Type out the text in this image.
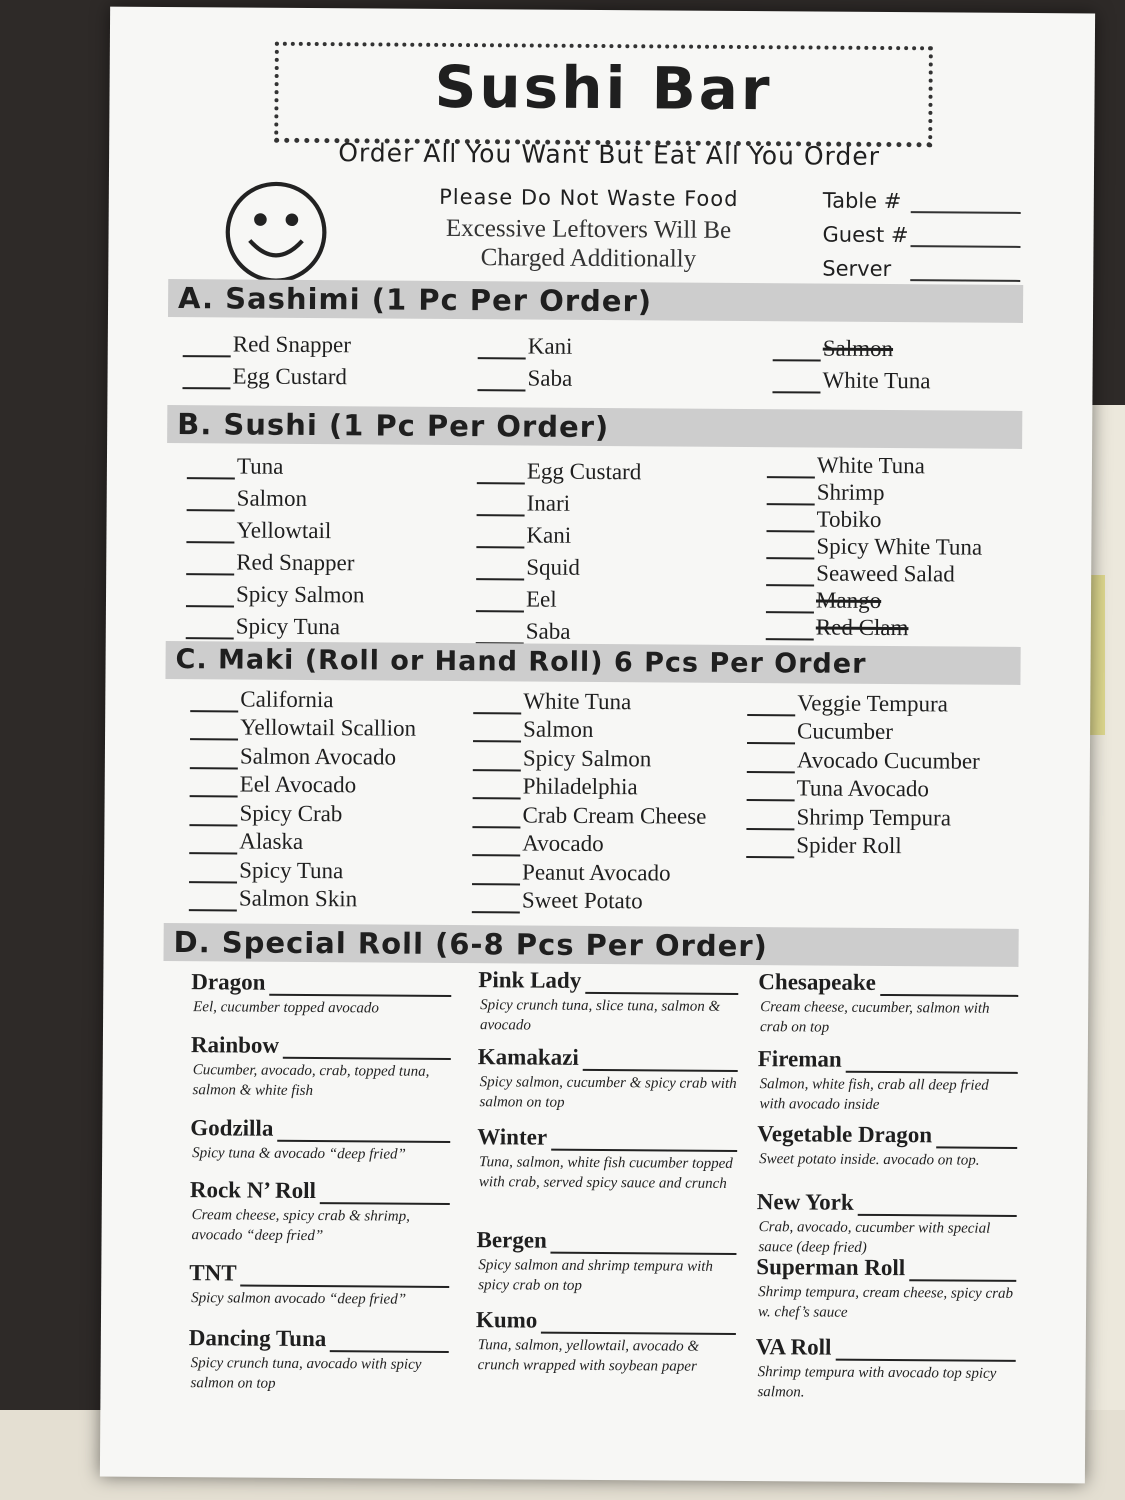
Sushi Bar
Order All You Want But Eat All You Order
Please Do Not Waste Food
Excessive Leftovers Will Be
Charged Additionally
Table #
Guest #
Server
A. Sashimi (1 Pc Per Order)
Red Snapper
Egg Custard
Kani
Saba
Salmon
White Tuna
B. Sushi (1 Pc Per Order)
Tuna
Salmon
Yellowtail
Red Snapper
Spicy Salmon
Spicy Tuna
Egg Custard
Inari
Kani
Squid
Eel
Saba
White Tuna
Shrimp
Tobiko
Spicy White Tuna
Seaweed Salad
Mango
Red Clam
C. Maki (Roll or Hand Roll) 6 Pcs Per Order
California
Yellowtail Scallion
Salmon Avocado
Eel Avocado
Spicy Crab
Alaska
Spicy Tuna
Salmon Skin
White Tuna
Salmon
Spicy Salmon
Philadelphia
Crab Cream Cheese
Avocado
Peanut Avocado
Sweet Potato
Veggie Tempura
Cucumber
Avocado Cucumber
Tuna Avocado
Shrimp Tempura
Spider Roll
D. Special Roll (6-8 Pcs Per Order)
Dragon
Eel, cucumber topped avocado
Rainbow
Cucumber, avocado, crab, topped tuna, salmon & white fish
Godzilla
Spicy tuna & avocado “deep fried”
Rock N’ Roll
Cream cheese, spicy crab & shrimp, avocado “deep fried”
TNT
Spicy salmon avocado “deep fried”
Dancing Tuna
Spicy crunch tuna, avocado with spicy salmon on top
Pink Lady
Spicy crunch tuna, slice tuna, salmon & avocado
Kamakazi
Spicy salmon, cucumber & spicy crab with salmon on top
Winter
Tuna, salmon, white fish cucumber topped with crab, served spicy sauce and crunch
Bergen
Spicy salmon and shrimp tempura with spicy crab on top
Kumo
Tuna, salmon, yellowtail, avocado & crunch wrapped with soybean paper
Chesapeake
Cream cheese, cucumber, salmon with crab on top
Fireman
Salmon, white fish, crab all deep fried with avocado inside
Vegetable Dragon
Sweet potato inside. avocado on top.
New York
Crab, avocado, cucumber with special sauce (deep fried)
Superman Roll
Shrimp tempura, cream cheese, spicy crab w. chef’s sauce
VA Roll
Shrimp tempura with avocado top spicy salmon.
